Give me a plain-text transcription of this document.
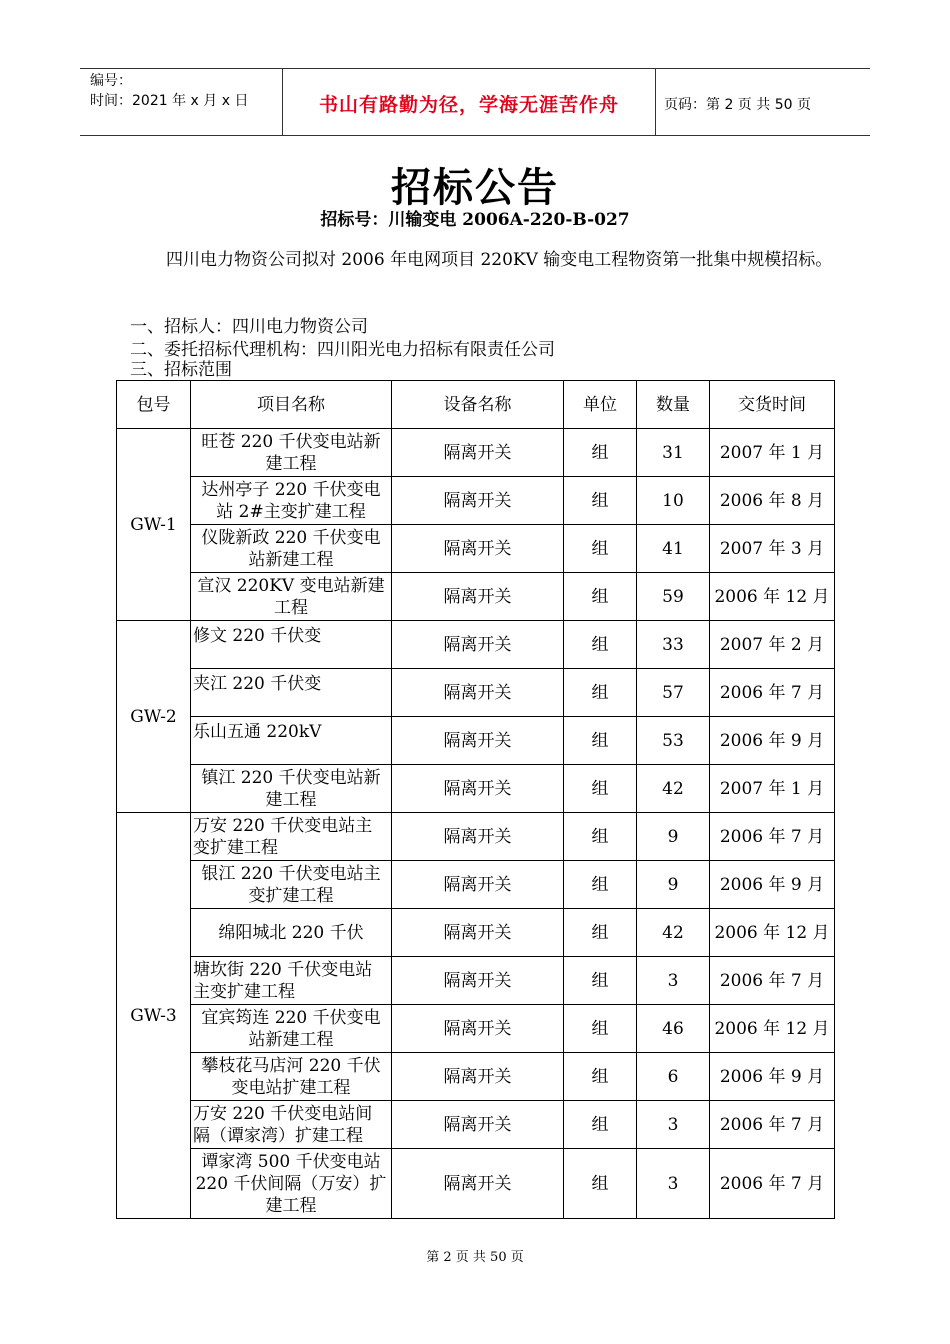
编号：
时间：2021 年 x 月 x 日	书山有路勤为径，学海无涯苦作舟	页码：第 2 页 共 50 页
招标公告
招标号：川输变电 2006A-220-B-027
四川电力物资公司拟对 2006 年电网项目 220KV 输变电工程物资第一批集中规模招标。
一、招标人：四川电力物资公司
二、委托招标代理机构：四川阳光电力招标有限责任公司
三、招标范围
包号	项目名称	设备名称	单位	数量	交货时间
GW-1	旺苍 220 千伏变电站新建工程	隔离开关	组	31	2007 年 1 月
	达州亭子 220 千伏变电站 2#主变扩建工程	隔离开关	组	10	2006 年 8 月
	仪陇新政 220 千伏变电站新建工程	隔离开关	组	41	2007 年 3 月
	宣汉 220KV 变电站新建工程	隔离开关	组	59	2006 年 12 月
GW-2	修文 220 千伏变	隔离开关	组	33	2007 年 2 月
	夹江 220 千伏变	隔离开关	组	57	2006 年 7 月
	乐山五通 220kV	隔离开关	组	53	2006 年 9 月
	镇江 220 千伏变电站新建工程	隔离开关	组	42	2007 年 1 月
GW-3	万安 220 千伏变电站主变扩建工程	隔离开关	组	9	2006 年 7 月
	银江 220 千伏变电站主变扩建工程	隔离开关	组	9	2006 年 9 月
	绵阳城北 220 千伏	隔离开关	组	42	2006 年 12 月
	塘坎街 220 千伏变电站主变扩建工程	隔离开关	组	3	2006 年 7 月
	宜宾筠连 220 千伏变电站新建工程	隔离开关	组	46	2006 年 12 月
	攀枝花马店河 220 千伏变电站扩建工程	隔离开关	组	6	2006 年 9 月
	万安 220 千伏变电站间隔（谭家湾）扩建工程	隔离开关	组	3	2006 年 7 月
	谭家湾 500 千伏变电站 220 千伏间隔（万安）扩建工程	隔离开关	组	3	2006 年 7 月
第 2 页 共 50 页
